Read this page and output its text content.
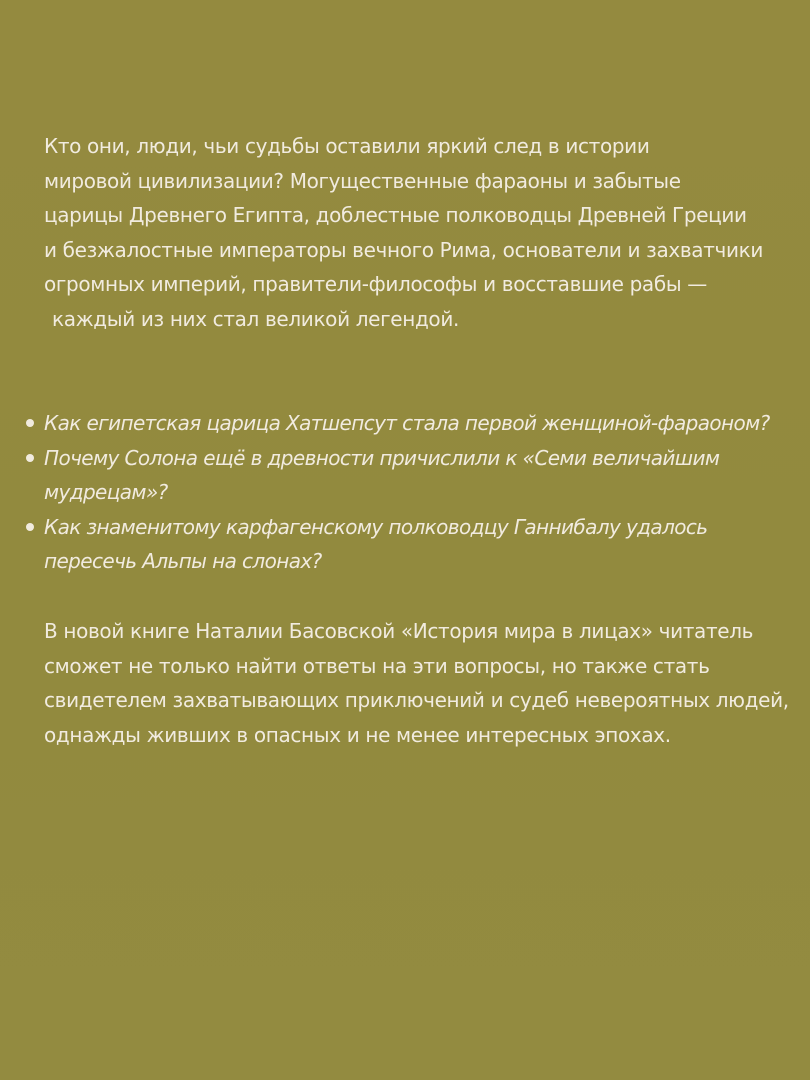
Кто они, люди, чьи судьбы оставили яркий след в истории
мировой цивилизации? Могущественные фараоны и забытые
царицы Древнего Египта, доблестные полководцы Древней Греции
и безжалостные императоры вечного Рима, основатели и захватчики
огромных империй, правители-философы и восставшие рабы —
каждый из них стал великой легендой.

Как египетская царица Хатшепсут стала первой женщиной-фараоном?
Почему Солона ещё в древности причислили к «Семи величайшим
мудрецам»?
Как знаменитому карфагенскому полководцу Ганнибалу удалось
пересечь Альпы на слонах?

В новой книге Наталии Басовской «История мира в лицах» читатель
сможет не только найти ответы на эти вопросы, но также стать
свидетелем захватывающих приключений и судеб невероятных людей,
однажды живших в опасных и не менее интересных эпохах.
